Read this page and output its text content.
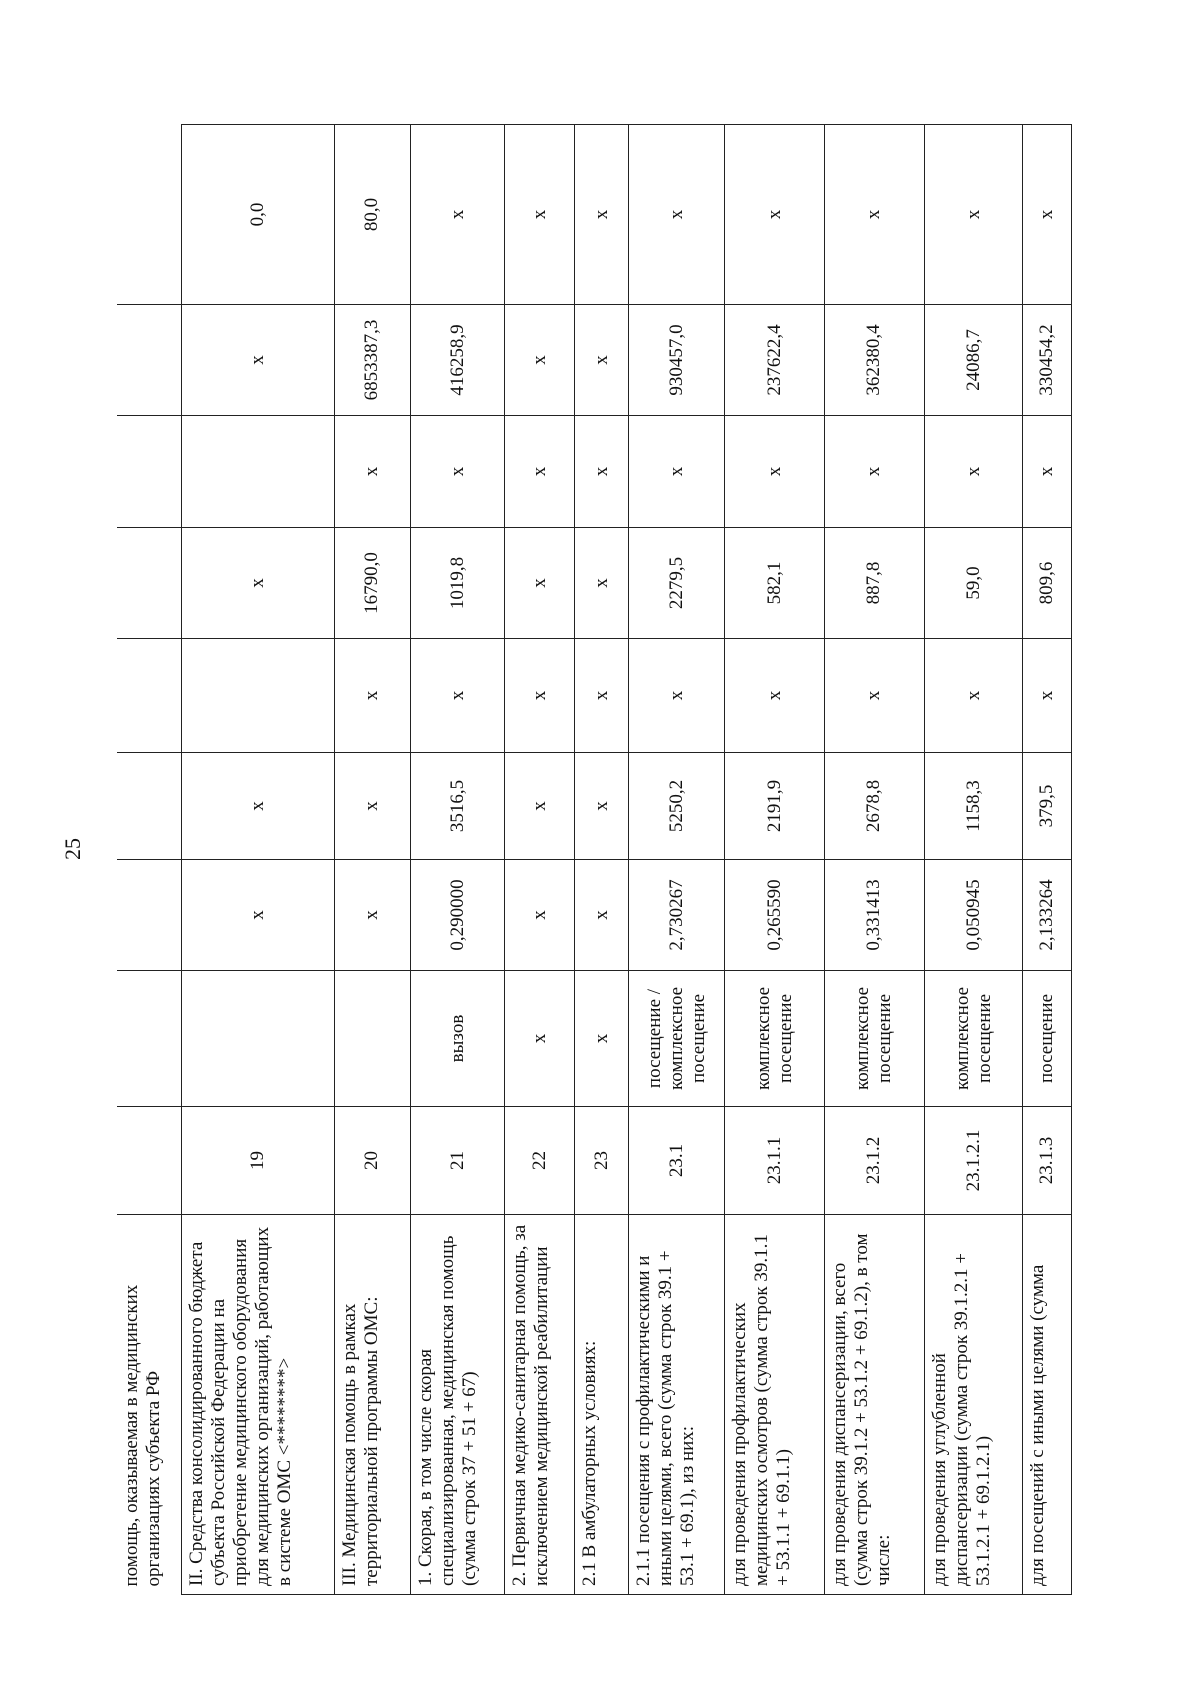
25
помощь, оказываемая в медицинских организациях субъекта РФ									
II. Средства консолидированного бюджета субъекта Российской Федерации на приобретение медицинского оборудования для медицинских организаций, работающих в системе ОМС <********>	19		х	х		х		х	0,0
III. Медицинская помощь в рамках территориальной программы ОМС:	20		х	х	х	16790,0	х	6853387,3	80,0
1. Скорая, в том числе скорая специализированная, медицинская помощь (сумма строк 37 + 51 + 67)	21	вызов	0,290000	3516,5	х	1019,8	х	416258,9	х
2. Первичная медико-санитарная помощь, за исключением медицинской реабилитации	22	х	х	х	х	х	х	х	х
2.1 В амбулаторных условиях:	23	х	х	х	х	х	х	х	х
2.1.1 посещения с профилактическими и иными целями, всего (сумма строк 39.1 + 53.1 + 69.1), из них:	23.1	посещение / комплексное посещение	2,730267	5250,2	х	2279,5	х	930457,0	х
для проведения профилактических медицинских осмотров (сумма строк 39.1.1 + 53.1.1 + 69.1.1)	23.1.1	комплексное посещение	0,265590	2191,9	х	582,1	х	237622,4	х
для проведения диспансеризации, всего (сумма строк 39.1.2 + 53.1.2 + 69.1.2), в том числе:	23.1.2	комплексное посещение	0,331413	2678,8	х	887,8	х	362380,4	х
для проведения углубленной диспансеризации (сумма строк 39.1.2.1 + 53.1.2.1 + 69.1.2.1)	23.1.2.1	комплексное посещение	0,050945	1158,3	х	59,0	х	24086,7	х
для посещений с иными целями (сумма	23.1.3	посещение	2,133264	379,5	х	809,6	х	330454,2	х
